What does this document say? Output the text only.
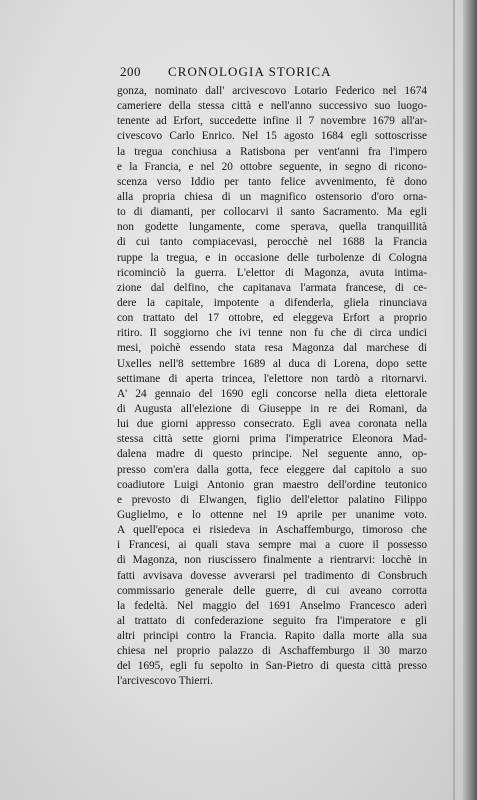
200 CRONOLOGIA STORICA
gonza, nominato dall' arcivescovo Lotario Federico nel 1674
cameriere della stessa città e nell'anno successivo suo luogo-
tenente ad Erfort, succedette infine il 7 novembre 1679 all'ar-
civescovo Carlo Enrico. Nel 15 agosto 1684 egli sottoscrisse
la tregua conchiusa a Ratisbona per vent'anni fra l'impero
e la Francia, e nel 20 ottobre seguente, in segno di ricono-
scenza verso Iddio per tanto felice avvenimento, fè dono
alla propria chiesa di un magnifico ostensorio d'oro orna-
to di diamanti, per collocarvi il santo Sacramento. Ma egli
non godette lungamente, come sperava, quella tranquillità
di cui tanto compiacevasi, perocchè nel 1688 la Francia
ruppe la tregua, e in occasione delle turbolenze di Cologna
ricominciò la guerra. L'elettor di Magonza, avuta intima-
zione dal delfino, che capitanava l'armata francese, di ce-
dere la capitale, impotente a difenderla, gliela rinunciava
con trattato del 17 ottobre, ed eleggeva Erfort a proprio
ritiro. Il soggiorno che ivi tenne non fu che di circa undici
mesi, poichè essendo stata resa Magonza dal marchese di
Uxelles nell'8 settembre 1689 al duca di Lorena, dopo sette
settimane di aperta trincea, l'elettore non tardò a ritornarvi.
A' 24 gennaio del 1690 egli concorse nella dieta elettorale
di Augusta all'elezione di Giuseppe in re dei Romani, da
lui due giorni appresso consecrato. Egli avea coronata nella
stessa città sette giorni prima l'imperatrice Eleonora Mad-
dalena madre di questo principe. Nel seguente anno, op-
presso com'era dalla gotta, fece eleggere dal capitolo a suo
coadiutore Luigi Antonio gran maestro dell'ordine teutonico
e prevosto di Elwangen, figlio dell'elettor palatino Filippo
Guglielmo, e lo ottenne nel 19 aprile per unanime voto.
A quell'epoca ei risiedeva in Aschaffemburgo, timoroso che
i Francesi, ai quali stava sempre mai a cuore il possesso
di Magonza, non riuscissero finalmente a rientrarvi: locchè in
fatti avvisava dovesse avverarsi pel tradimento di Consbruch
commissario generale delle guerre, di cui aveano corrotta
la fedeltà. Nel maggio del 1691 Anselmo Francesco aderì
al trattato di confederazione seguito fra l'imperatore e gli
altri principi contro la Francia. Rapito dalla morte alla sua
chiesa nel proprio palazzo di Aschaffemburgo il 30 marzo
del 1695, egli fu sepolto in San-Pietro di questa città presso
l'arcivescovo Thierri.
